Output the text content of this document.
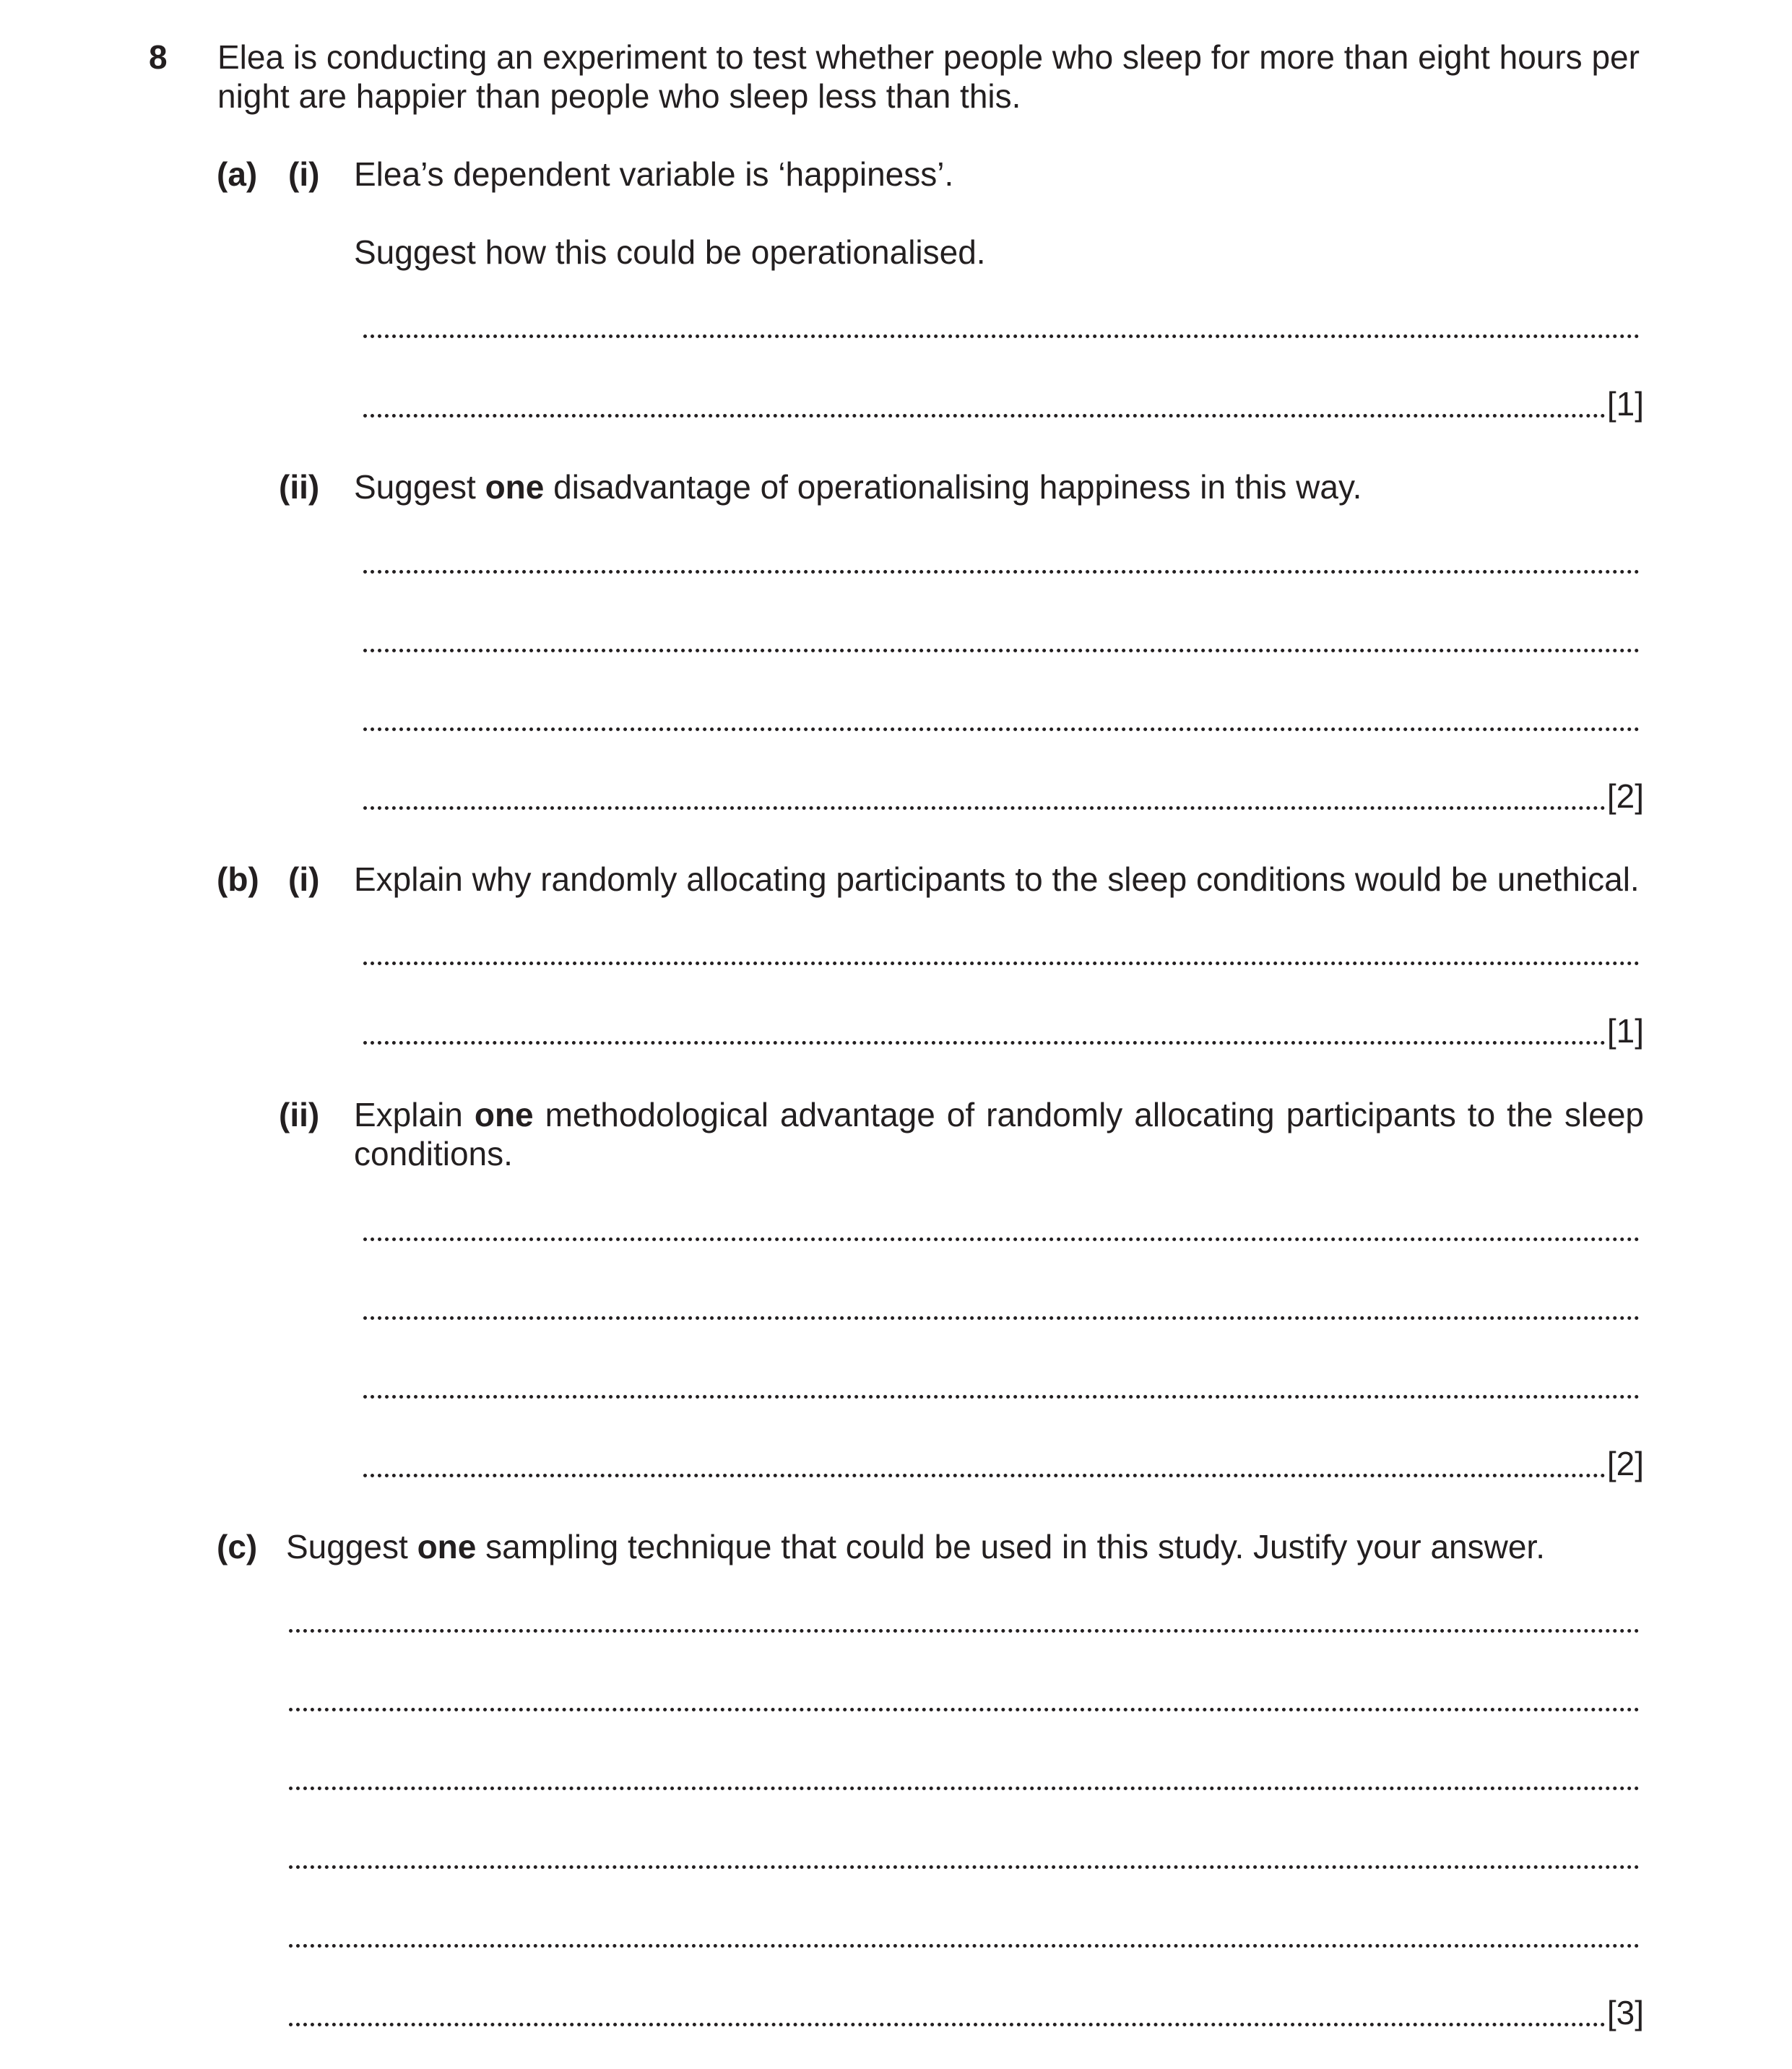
8 Elea is conducting an experiment to test whether people who sleep for more than eight hours per
night are happier than people who sleep less than this.
(a) (i) Elea’s dependent variable is ‘happiness’.
Suggest how this could be operationalised.
[1]
(ii) Suggest one disadvantage of operationalising happiness in this way.
[2]
(b) (i) Explain why randomly allocating participants to the sleep conditions would be unethical.
[1]
(ii) Explain one methodological advantage of randomly allocating participants to the sleep
conditions.
[2]
(c) Suggest one sampling technique that could be used in this study. Justify your answer.
[3]
